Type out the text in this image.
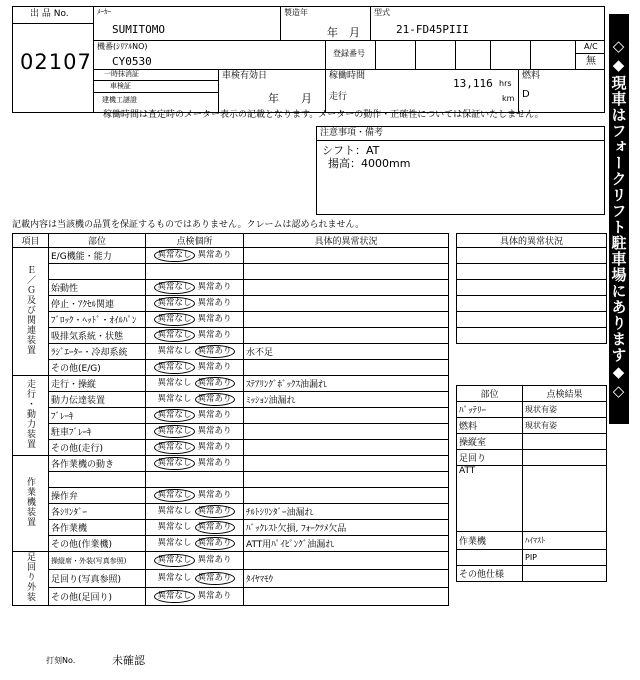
出 品 No.
02107
ﾒｰｶｰ
SUMITOMO
製造年
年　月
型式
21-FD45PIII
機番(ｼﾘｱﾙNO)
CY0530
登録番号
A/C
無
一時抹消証
車検証
建機工謎證
車検有効日
年　　月
稼働時間
13,116 hrs
走行	km
燃料
D
稼働時間は査定時のメーター表示の記載となります。メーターの動作・正確性については保証いたしません。
注意事項・備考
シフト：AT
揚高：4000mm
記載内容は当該機の品質を保証するものではありません。クレームは認められません。	◇◆現車はフォークリフト駐車場にあります◆◇
項目	部位	点検個所	具体的異常状況
Ｅ／Ｇ及び関連装置	E/G機能・能力	異常なし 異常あり	

	始動性	異常なし 異常あり	
	停止・ｱｸｾﾙ関連	異常なし 異常あり	
	ﾌﾞﾛｯｸ・ﾍｯﾄﾞ・ｵｲﾙﾊﾟﾝ	異常なし 異常あり	
	吸排気系統・状態	異常なし 異常あり	
	ﾗｼﾞｴｰﾀｰ・冷却系統	異常なし 異常あり	水不足
	その他(E/G)	異常なし 異常あり	
走行・動力装置	走行・操縦	異常なし 異常あり	ｽﾃｱﾘﾝｸﾞﾎﾞｯｸｽ油漏れ
	動力伝達装置	異常なし 異常あり	ﾐｯｼｮﾝ油漏れ
	ﾌﾞﾚｰｷ	異常なし 異常あり	
	駐車ﾌﾞﾚｰｷ	異常なし 異常あり	
	その他(走行)	異常なし 異常あり	
作業機装置	各作業機の動き	異常なし 異常あり	

	操作弁	異常なし 異常あり	
	各ｼﾘﾝﾀﾞｰ	異常なし 異常あり	ﾁﾙﾄｼﾘﾝﾀﾞｰ油漏れ
	各作業機	異常なし 異常あり	ﾊﾞｯｸﾚｽﾄ欠損, ﾌｫｰｸﾂﾒ欠品
	その他(作業機)	異常なし 異常あり	ATT用ﾊﾟｲﾋﾟﾝｸﾞ油漏れ
足回り外装	操縦席・外装(写真参照)	異常なし 異常あり	
	足回り(写真参照)	異常なし 異常あり	ﾀｲﾔﾏﾓｳ
	その他(足回り)	異常なし 異常あり	
具体的異常状況

部位	点検結果
ﾊﾞｯﾃﾘｰ	現状有姿
燃料	現状有姿
操縦室	
足回り	
ATT	
作業機	ﾊｲﾏｽﾄ
	PIP
その他仕様	
打刻No.	未確認
